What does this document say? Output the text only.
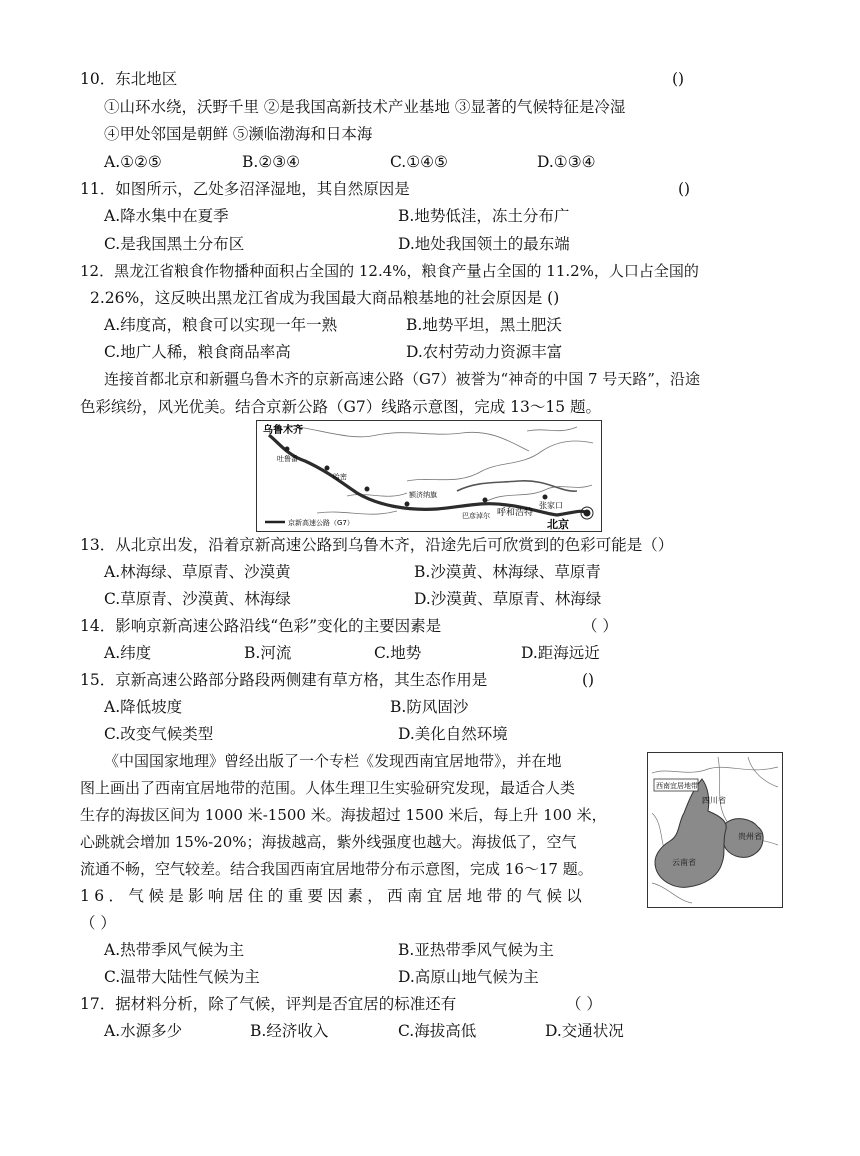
10．东北地区	()
①山环水绕，沃野千里 ②是我国高新技术产业基地 ③显著的气候特征是冷湿
④甲处邻国是朝鲜 ⑤濒临渤海和日本海
A.①②⑤	B.②③④	C.①④⑤	D.①③④
11．如图所示，乙处多沼泽湿地，其自然原因是	()
A.降水集中在夏季	B.地势低洼，冻土分布广
C.是我国黑土分布区	D.地处我国领土的最东端
12．黑龙江省粮食作物播种面积占全国的 12.4%，粮食产量占全国的 11.2%，人口占全国的
2.26%，这反映出黑龙江省成为我国最大商品粮基地的社会原因是 ()
A.纬度高，粮食可以实现一年一熟	B.地势平坦，黑土肥沃
C.地广人稀，粮食商品率高	D.农村劳动力资源丰富
连接首都北京和新疆乌鲁木齐的京新高速公路（G7）被誉为“神奇的中国 7 号天路”，沿途
色彩缤纷，风光优美。结合京新公路（G7）线路示意图，完成 13～15 题。
乌鲁木齐
吐鲁番
哈密
额济纳旗
巴彦淖尔 呼和浩特
张家口
北京
京新高速公路（G7）
13．从北京出发，沿着京新高速公路到乌鲁木齐，沿途先后可欣赏到的色彩可能是（）
A.林海绿、草原青、沙漠黄	B.沙漠黄、林海绿、草原青
C.草原青、沙漠黄、林海绿	D.沙漠黄、草原青、林海绿
14．影响京新高速公路沿线“色彩”变化的主要因素是	（ ）
A.纬度	B.河流	C.地势	D.距海远近
15．京新高速公路部分路段两侧建有草方格，其生态作用是	()
A.降低坡度	B.防风固沙
C.改变气候类型	D.美化自然环境
《中国国家地理》曾经出版了一个专栏《发现西南宜居地带》，并在地
图上画出了西南宜居地带的范围。人体生理卫生实验研究发现，最适合人类
生存的海拔区间为 1000 米-1500 米。海拔超过 1500 米后，每上升 100 米，
心跳就会增加 15%-20%；海拔越高，紫外线强度也越大。海拔低了，空气
流通不畅，空气较差。结合我国西南宜居地带分布示意图，完成 16～17 题。
西南宜居地带
四川省
贵州省
云南省
16．气候是影响居住的重要因素，西南宜居地带的气候以
（ ）
A.热带季风气候为主	B.亚热带季风气候为主
C.温带大陆性气候为主	D.高原山地气候为主
17．据材料分析，除了气候，评判是否宜居的标准还有	（ ）
A.水源多少	B.经济收入	C.海拔高低	D.交通状况
